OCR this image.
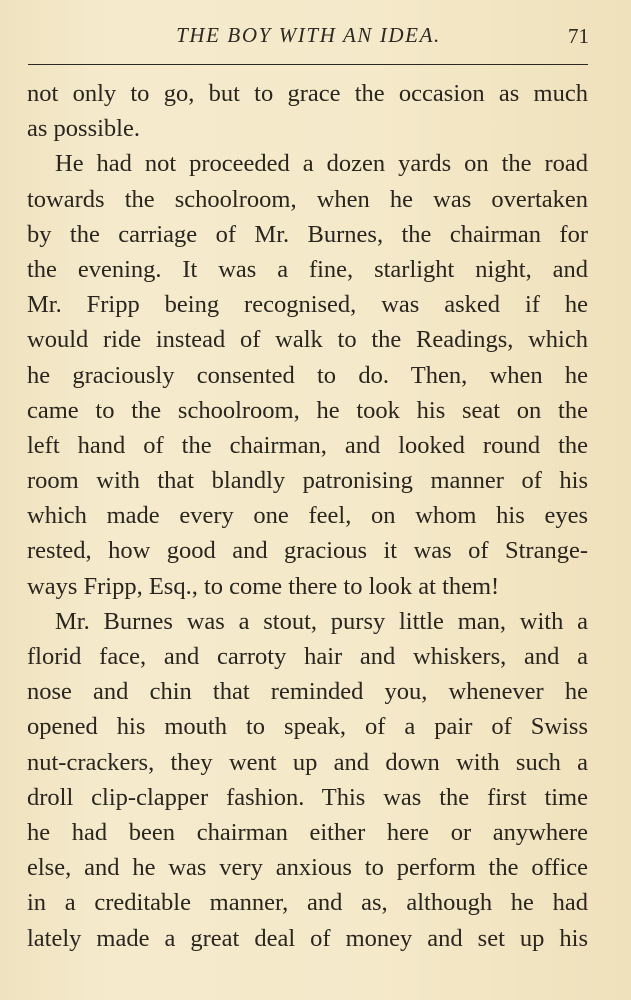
THE BOY WITH AN IDEA.	71
not only to go, but to grace the occasion as much
as possible.
He had not proceeded a dozen yards on the road
towards the schoolroom, when he was overtaken
by the carriage of Mr. Burnes, the chairman for
the evening. It was a fine, starlight night, and
Mr. Fripp being recognised, was asked if he
would ride instead of walk to the Readings, which
he graciously consented to do. Then, when he
came to the schoolroom, he took his seat on the
left hand of the chairman, and looked round the
room with that blandly patronising manner of his
which made every one feel, on whom his eyes
rested, how good and gracious it was of Strange-
ways Fripp, Esq., to come there to look at them!
Mr. Burnes was a stout, pursy little man, with a
florid face, and carroty hair and whiskers, and a
nose and chin that reminded you, whenever he
opened his mouth to speak, of a pair of Swiss
nut-crackers, they went up and down with such a
droll clip-clapper fashion. This was the first time
he had been chairman either here or anywhere
else, and he was very anxious to perform the office
in a creditable manner, and as, although he had
lately made a great deal of money and set up his
